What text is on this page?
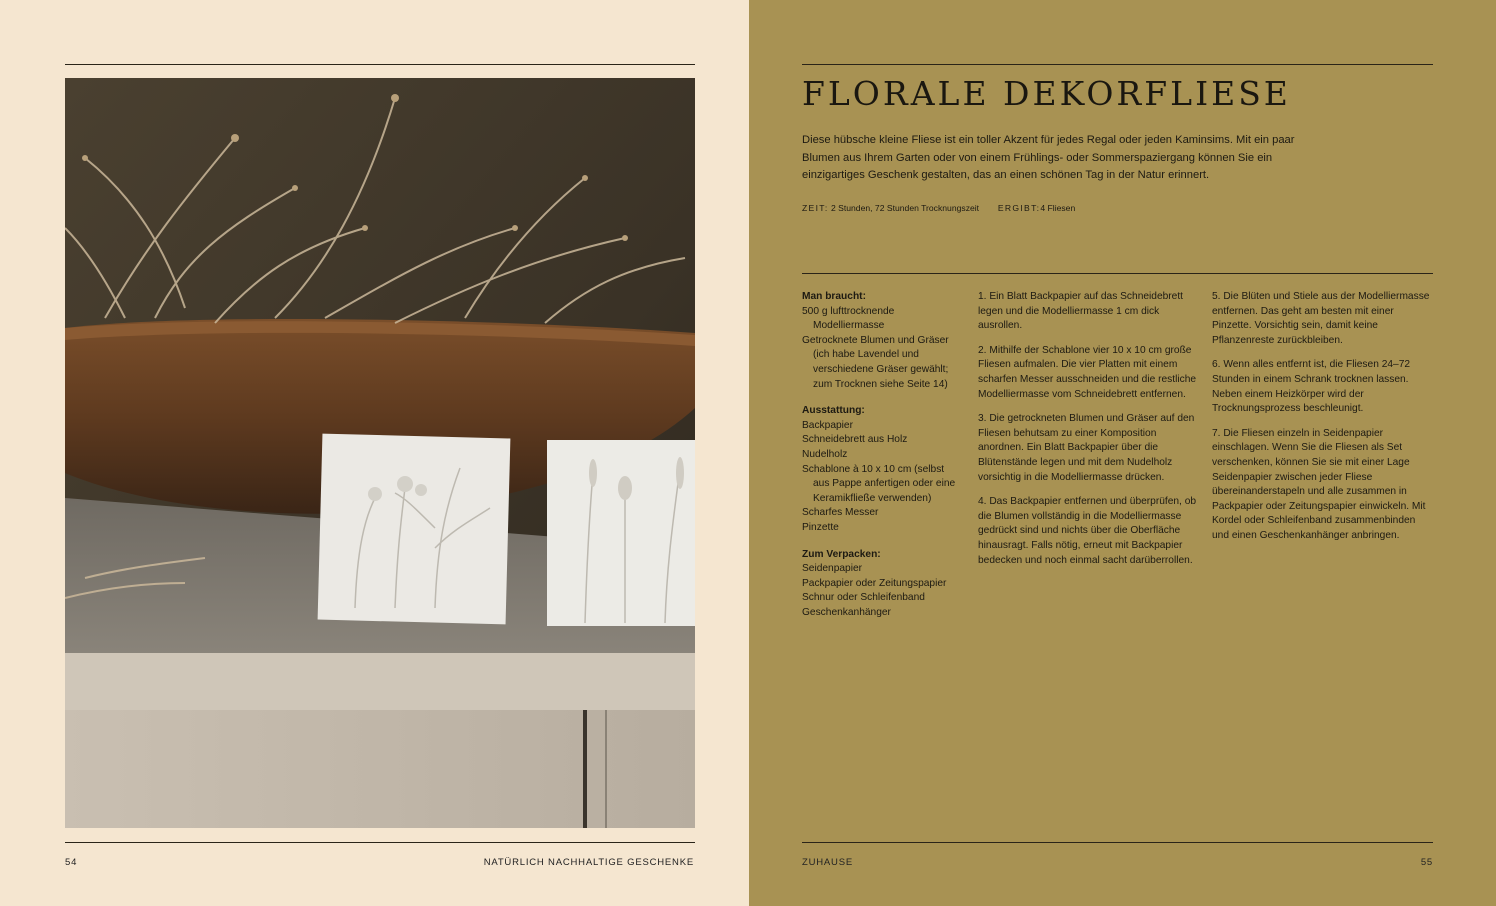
54	NATÜRLICH NACHHALTIGE GESCHENKE	ZUHAUSE	55
FLORALE DEKORFLIESE

Diese hübsche kleine Fliese ist ein toller Akzent für jedes Regal oder jeden Kaminsims. Mit ein paar Blumen aus Ihrem Garten oder von einem Frühlings- oder Sommerspaziergang können Sie ein einzigartiges Geschenk gestalten, das an einen schönen Tag in der Natur erinnert.

ZEIT: 2 Stunden, 72 Stunden Trocknungszeit ERGIBT:4 Fliesen
Man braucht:
500 g lufttrocknende Modelliermasse
Getrocknete Blumen und Gräser (ich habe Lavendel und verschiedene Gräser gewählt; zum Trocknen siehe Seite 14)
Ausstattung:
Backpapier
Schneidebrett aus Holz
Nudelholz
Schablone à 10 x 10 cm (selbst aus Pappe anfertigen oder eine Keramikfließe verwenden)
Scharfes Messer
Pinzette
Zum Verpacken:
Seidenpapier
Packpapier oder Zeitungspapier
Schnur oder Schleifenband
Geschenkanhänger

1. Ein Blatt Backpapier auf das Schneidebrett legen und die Modelliermasse 1 cm dick ausrollen.

2. Mithilfe der Schablone vier 10 x 10 cm große Fliesen aufmalen. Die vier Platten mit einem scharfen Messer ausschneiden und die restliche Modelliermasse vom Schneidebrett entfernen.

3. Die getrockneten Blumen und Gräser auf den Fliesen behutsam zu einer Komposition anordnen. Ein Blatt Backpapier über die Blütenstände legen und mit dem Nudelholz vorsichtig in die Modelliermasse drücken.

4. Das Backpapier entfernen und überprüfen, ob die Blumen vollständig in die Modelliermasse gedrückt sind und nichts über die Oberfläche hinausragt. Falls nötig, erneut mit Backpapier bedecken und noch einmal sacht darüberrollen.

5. Die Blüten und Stiele aus der Modelliermasse entfernen. Das geht am besten mit einer Pinzette. Vorsichtig sein, damit keine Pflanzenreste zurückbleiben.

6. Wenn alles entfernt ist, die Fliesen 24–72 Stunden in einem Schrank trocknen lassen. Neben einem Heizkörper wird der Trocknungsprozess beschleunigt.

7. Die Fliesen einzeln in Seidenpapier einschlagen. Wenn Sie die Fliesen als Set verschenken, können Sie sie mit einer Lage Seidenpapier zwischen jeder Fliese übereinanderstapeln und alle zusammen in Packpapier oder Zeitungspapier einwickeln. Mit Kordel oder Schleifenband zusammenbinden und einen Geschenkanhänger anbringen.
